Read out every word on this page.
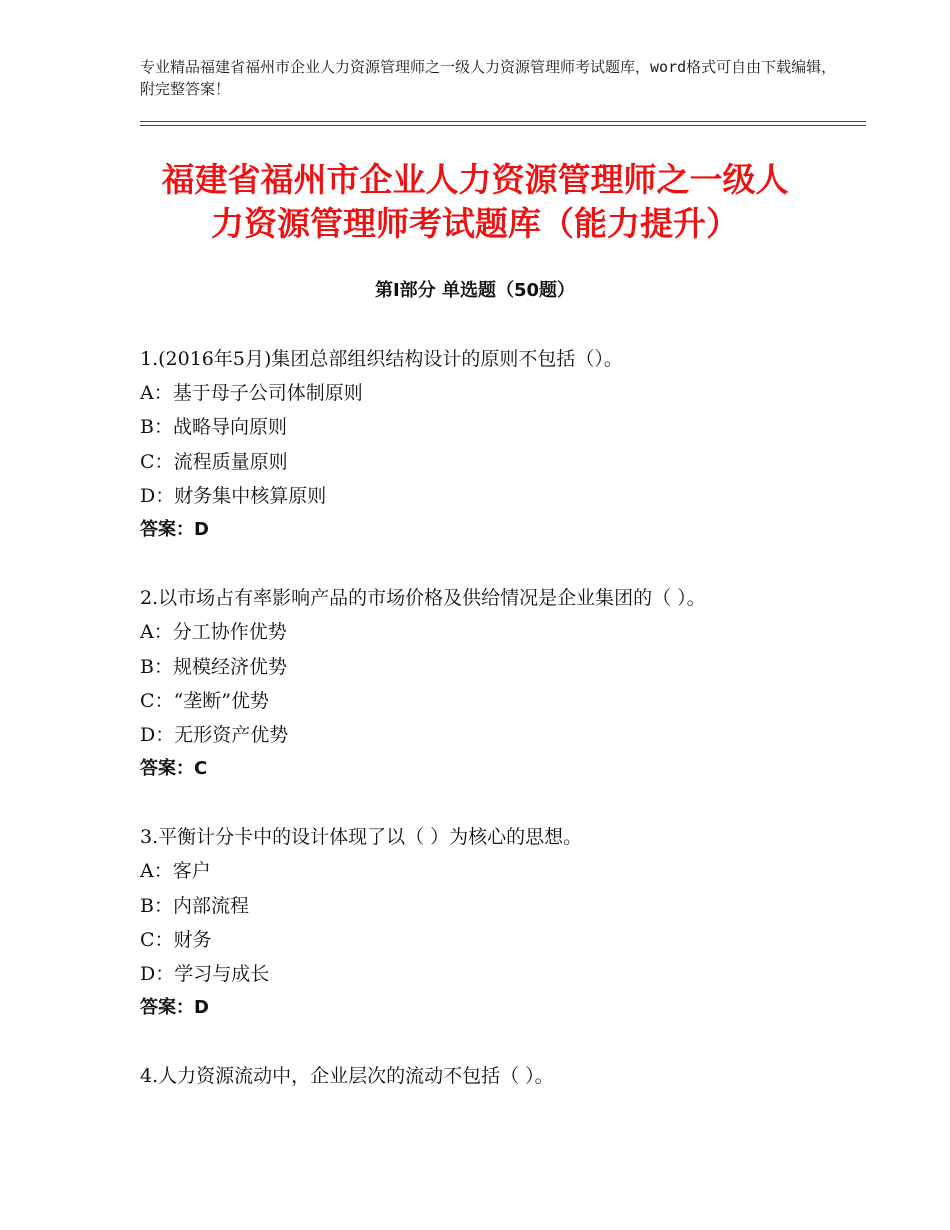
专业精品福建省福州市企业人力资源管理师之一级人力资源管理师考试题库，word格式可自由下载编辑，附完整答案！
福建省福州市企业人力资源管理师之一级人
力资源管理师考试题库（能力提升）
第Ⅰ部分 单选题（50题）
1.(2016年5月)集团总部组织结构设计的原则不包括（）。
A：基于母子公司体制原则
B：战略导向原则
C：流程质量原则
D：财务集中核算原则
答案：D
2.以市场占有率影响产品的市场价格及供给情况是企业集团的（ ）。
A：分工协作优势
B：规模经济优势
C：“垄断”优势
D：无形资产优势
答案：C
3.平衡计分卡中的设计体现了以（ ）为核心的思想。
A：客户
B：内部流程
C：财务
D：学习与成长
答案：D
4.人力资源流动中，企业层次的流动不包括（ ）。
